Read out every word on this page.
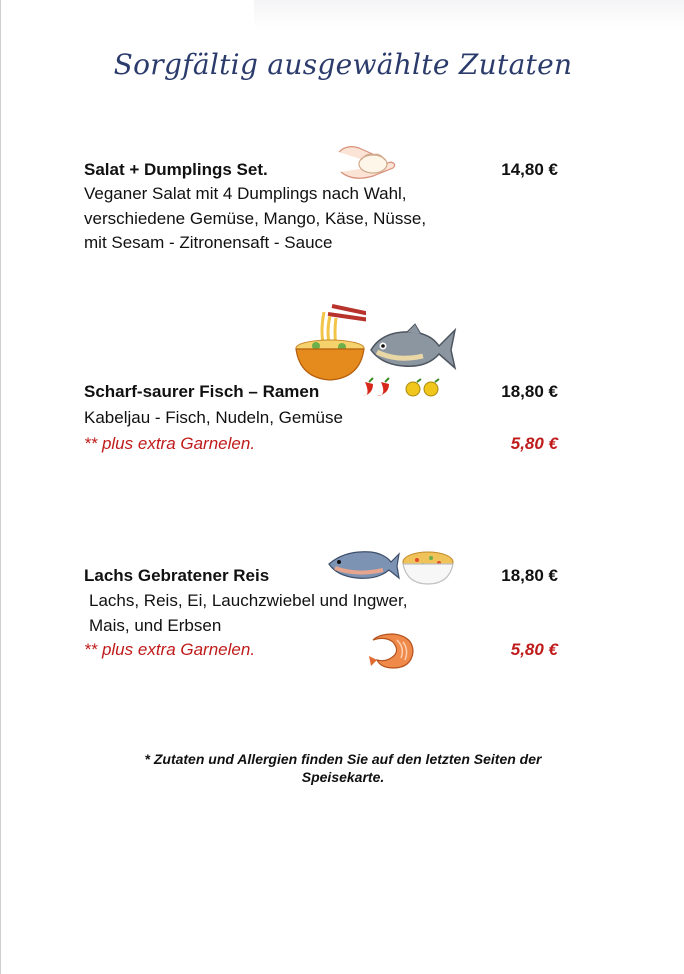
Sorgfältig ausgewählte Zutaten
Salat + Dumplings Set.	14,80 €
Veganer Salat mit 4 Dumplings nach Wahl,
verschiedene Gemüse, Mango, Käse, Nüsse,
mit Sesam - Zitronensaft - Sauce
Scharf-saurer Fisch – Ramen	18,80 €
Kabeljau - Fisch, Nudeln, Gemüse
** plus extra Garnelen.	5,80 €
Lachs Gebratener Reis	18,80 €
Lachs, Reis, Ei, Lauchzwiebel und Ingwer,
Mais, und Erbsen
** plus extra Garnelen.	5,80 €
* Zutaten und Allergien finden Sie auf den letzten Seiten der
Speisekarte.
